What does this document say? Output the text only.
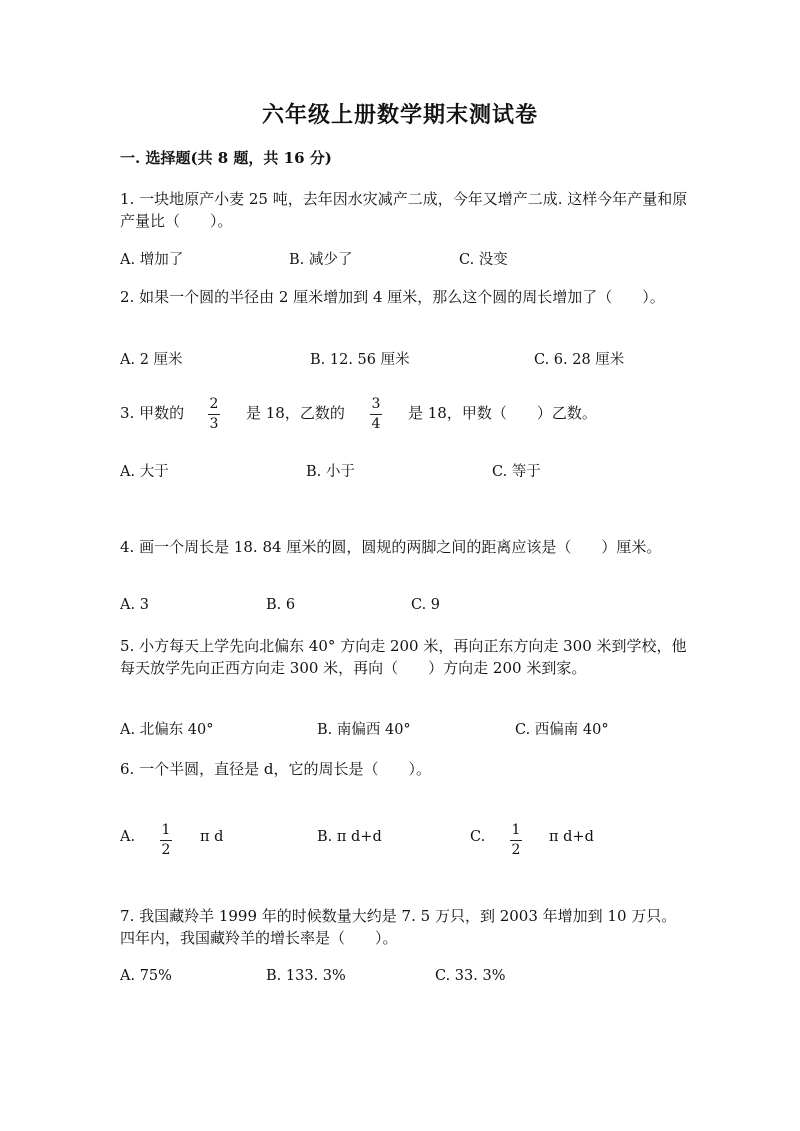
六年级上册数学期末测试卷
一. 选择题(共 8 题，共 16 分)
1. 一块地原产小麦 25 吨，去年因水灾减产二成，今年又增产二成. 这样今年产量和原产量比（　　）。
A. 增加了	B. 减少了	C. 没变
2. 如果一个圆的半径由 2 厘米增加到 4 厘米，那么这个圆的周长增加了（　　）。
A. 2 厘米	B. 12. 56 厘米	C. 6. 28 厘米
3. 甲数的 2
3
是 18，乙数的 3
4
是 18，甲数（　　）乙数。
A. 大于	B. 小于	C. 等于
4. 画一个周长是 18. 84 厘米的圆，圆规的两脚之间的距离应该是（　　）厘米。
A. 3	B. 6	C. 9
5. 小方每天上学先向北偏东 40° 方向走 200 米，再向正东方向走 300 米到学校，他每天放学先向正西方向走 300 米，再向（　　）方向走 200 米到家。
A. 北偏东 40°	B. 南偏西 40°	C. 西偏南 40°
6. 一个半圆，直径是 d，它的周长是（　　）。
A. 1
2
π d	B. π d+d	C. 1
2
π d+d
7. 我国藏羚羊 1999 年的时候数量大约是 7. 5 万只，到 2003 年增加到 10 万只。四年内，我国藏羚羊的增长率是（　　）。
A. 75%	B. 133. 3%	C. 33. 3%
